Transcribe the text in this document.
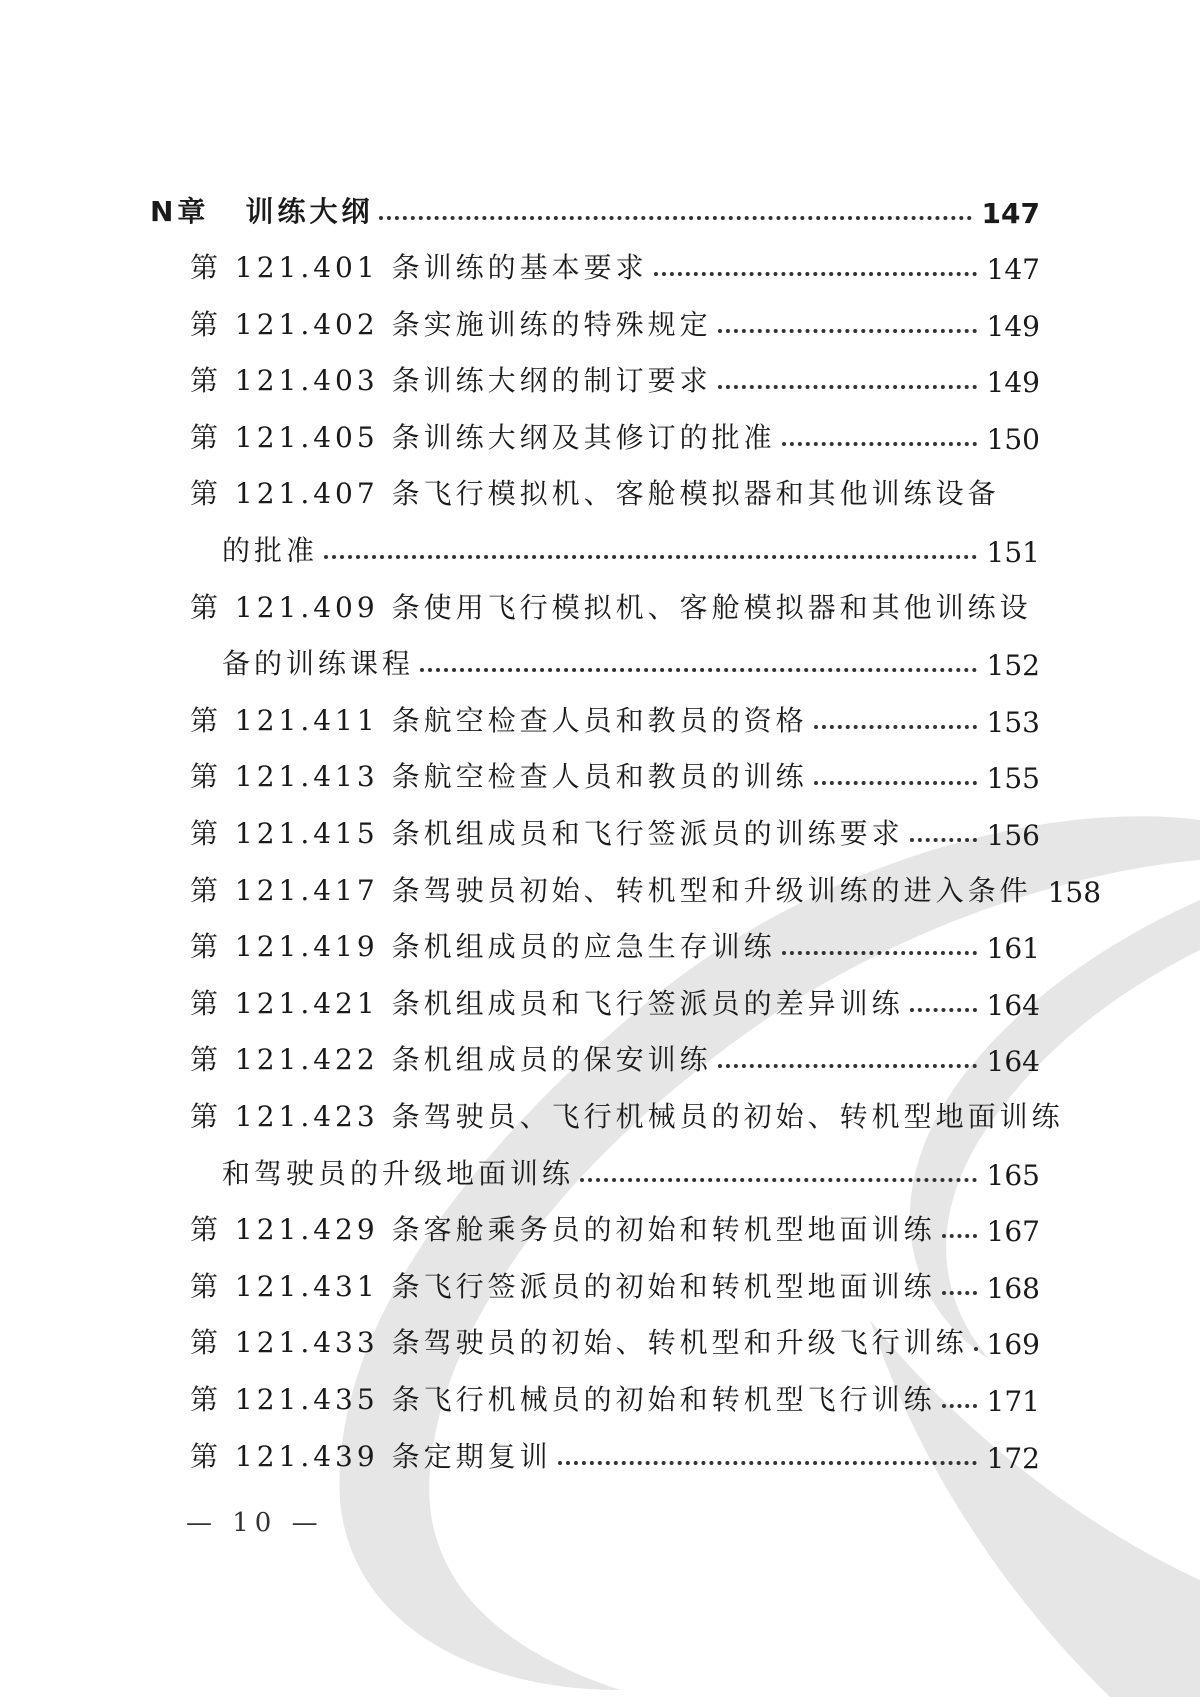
N章 训练大纲	147
第 121.401 条训练的基本要求	147
第 121.402 条实施训练的特殊规定	149
第 121.403 条训练大纲的制订要求	149
第 121.405 条训练大纲及其修订的批准	150
第 121.407 条飞行模拟机、客舱模拟器和其他训练设备
的批准	151
第 121.409 条使用飞行模拟机、客舱模拟器和其他训练设
备的训练课程	152
第 121.411 条航空检查人员和教员的资格	153
第 121.413 条航空检查人员和教员的训练	155
第 121.415 条机组成员和飞行签派员的训练要求	156
第 121.417 条驾驶员初始、转机型和升级训练的进入条件 158
第 121.419 条机组成员的应急生存训练	161
第 121.421 条机组成员和飞行签派员的差异训练	164
第 121.422 条机组成员的保安训练	164
第 121.423 条驾驶员、飞行机械员的初始、转机型地面训练
和驾驶员的升级地面训练	165
第 121.429 条客舱乘务员的初始和转机型地面训练 167
第 121.431 条飞行签派员的初始和转机型地面训练 168
第 121.433 条驾驶员的初始、转机型和升级飞行训练 169
第 121.435 条飞行机械员的初始和转机型飞行训练 171
第 121.439 条定期复训	172
— 10 —
